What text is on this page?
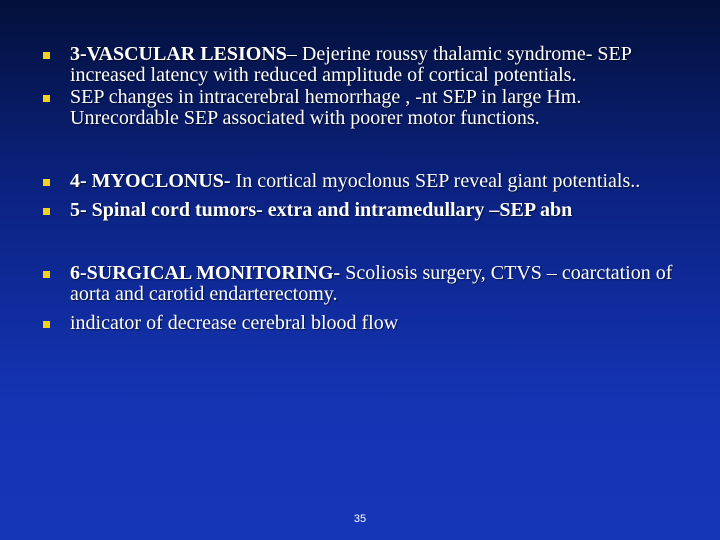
3-VASCULAR LESIONS– Dejerine roussy thalamic syndrome- SEP increased latency with reduced amplitude of cortical potentials.
SEP changes in intracerebral hemorrhage , -nt SEP in large Hm. Unrecordable SEP associated with poorer motor functions.
4- MYOCLONUS- In cortical myoclonus SEP reveal giant potentials..
5- Spinal cord tumors- extra and intramedullary –SEP abn
6-SURGICAL MONITORING- Scoliosis surgery, CTVS – coarctation of aorta and carotid endarterectomy.
indicator of decrease cerebral blood flow
35
